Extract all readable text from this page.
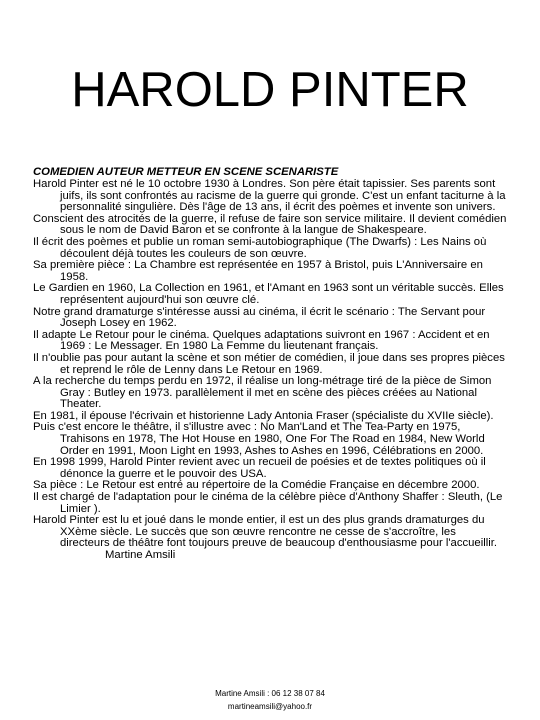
HAROLD PINTER
COMEDIEN AUTEUR METTEUR EN SCENE SCENARISTE

Harold Pinter est né le 10 octobre 1930 à Londres. Son père était tapissier. Ses parents sont juifs, ils sont confrontés au racisme de la guerre qui gronde. C'est un enfant taciturne à la personnalité singulière. Dès l'âge de 13 ans, il écrit des poèmes et invente son univers.

Conscient des atrocités de la guerre, il refuse de faire son service militaire. Il devient comédien sous le nom de David Baron et se confronte à la langue de Shakespeare.

Il écrit des poèmes et publie un roman semi-autobiographique (The Dwarfs) : Les Nains où découlent déjà toutes les couleurs de son œuvre.

Sa première pièce : La Chambre est représentée en 1957 à Bristol, puis L'Anniversaire en 1958.

Le Gardien en 1960, La Collection en 1961, et l'Amant en 1963 sont un véritable succès. Elles représentent aujourd'hui son œuvre clé.

Notre grand dramaturge s'intéresse aussi au cinéma, il écrit le scénario : The Servant pour Joseph Losey en 1962.

Il adapte Le Retour pour le cinéma. Quelques adaptations suivront en 1967 : Accident et en 1969 : Le Messager. En 1980 La Femme du lieutenant français.

Il n'oublie pas pour autant la scène et son métier de comédien, il joue dans ses propres pièces et reprend le rôle de Lenny dans Le Retour en 1969.

A la recherche du temps perdu en 1972, il réalise un long-métrage tiré de la pièce de Simon Gray : Butley en 1973. parallèlement il met en scène des pièces créées au National Theater.

En 1981, il épouse l'écrivain et historienne Lady Antonia Fraser (spécialiste du XVIIe siècle).

Puis c'est encore le théâtre, il s'illustre avec : No Man'Land et The Tea-Party en 1975, Trahisons en 1978, The Hot House en 1980, One For The Road en 1984, New World Order en 1991, Moon Light en 1993, Ashes to Ashes en 1996, Célébrations en 2000.

En 1998 1999, Harold Pinter revient avec un recueil de poésies et de textes politiques où il dénonce la guerre et le pouvoir des USA.

Sa pièce : Le Retour est entré au répertoire de la Comédie Française en décembre 2000.

Il est chargé de l'adaptation pour le cinéma de la célèbre pièce d'Anthony Shaffer : Sleuth, (Le Limier ).

Harold Pinter est lu et joué dans le monde entier, il est un des plus grands dramaturges du XXème siècle. Le succès que son œuvre rencontre ne cesse de s'accroître, les directeurs de théâtre font toujours preuve de beaucoup d'enthousiasme pour l'accueillir.

Martine Amsili

Martine Amsili : 06 12 38 07 84
martineamsili@yahoo.fr
